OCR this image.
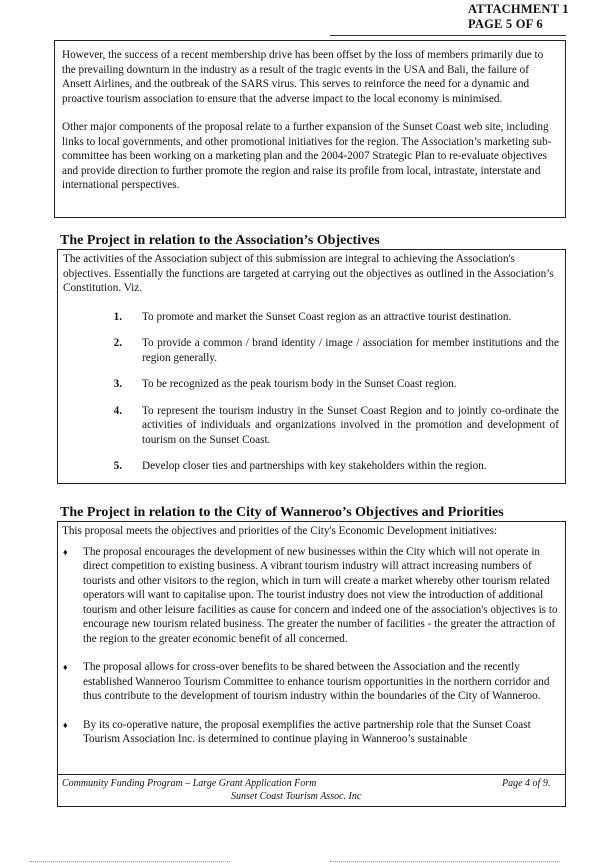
ATTACHMENT 1
PAGE 5 OF 6

However, the success of a recent membership drive has been offset by the loss of members primarily due to the prevailing downturn in the industry as a result of the tragic events in the USA and Bali, the failure of Ansett Airlines, and the outbreak of the SARS virus. This serves to reinforce the need for a dynamic and proactive tourism association to ensure that the adverse impact to the local economy is minimised.

Other major components of the proposal relate to a further expansion of the Sunset Coast web site, including links to local governments, and other promotional initiatives for the region. The Association’s marketing sub-committee has been working on a marketing plan and the 2004-2007 Strategic Plan to re-evaluate objectives and provide direction to further promote the region and raise its profile from local, intrastate, interstate and international perspectives.

The Project in relation to the Association’s Objectives

The activities of the Association subject of this submission are integral to achieving the Association's objectives. Essentially the functions are targeted at carrying out the objectives as outlined in the Association’s Constitution. Viz.

1.	To promote and market the Sunset Coast region as an attractive tourist destination.
2.	To provide a common / brand identity / image / association for member institutions and the region generally.
3.	To be recognized as the peak tourism body in the Sunset Coast region.
4.	To represent the tourism industry in the Sunset Coast Region and to jointly co-ordinate the activities of individuals and organizations involved in the promotion and development of tourism on the Sunset Coast.
5.	Develop closer ties and partnerships with key stakeholders within the region.
The Project in relation to the City of Wanneroo’s Objectives and Priorities

This proposal meets the objectives and priorities of the City's Economic Development initiatives:

♦	The proposal encourages the development of new businesses within the City which will not operate in direct competition to existing business. A vibrant tourism industry will attract increasing numbers of tourists and other visitors to the region, which in turn will create a market whereby other tourism related operators will want to capitalise upon. The tourist industry does not view the introduction of additional tourism and other leisure facilities as cause for concern and indeed one of the association's objectives is to encourage new tourism related business. The greater the number of facilities - the greater the attraction of the region to the greater economic benefit of all concerned.
♦	The proposal allows for cross-over benefits to be shared between the Association and the recently established Wanneroo Tourism Committee to enhance tourism opportunities in the northern corridor and thus contribute to the development of tourism industry within the boundaries of the City of Wanneroo.
♦	By its co-operative nature, the proposal exemplifies the active partnership role that the Sunset Coast Tourism Association Inc. is determined to continue playing in Wanneroo’s sustainable
Community Funding Program – Large Grant Application Form	Page 4 of 9.
Sunset Coast Tourism Assoc. Inc
